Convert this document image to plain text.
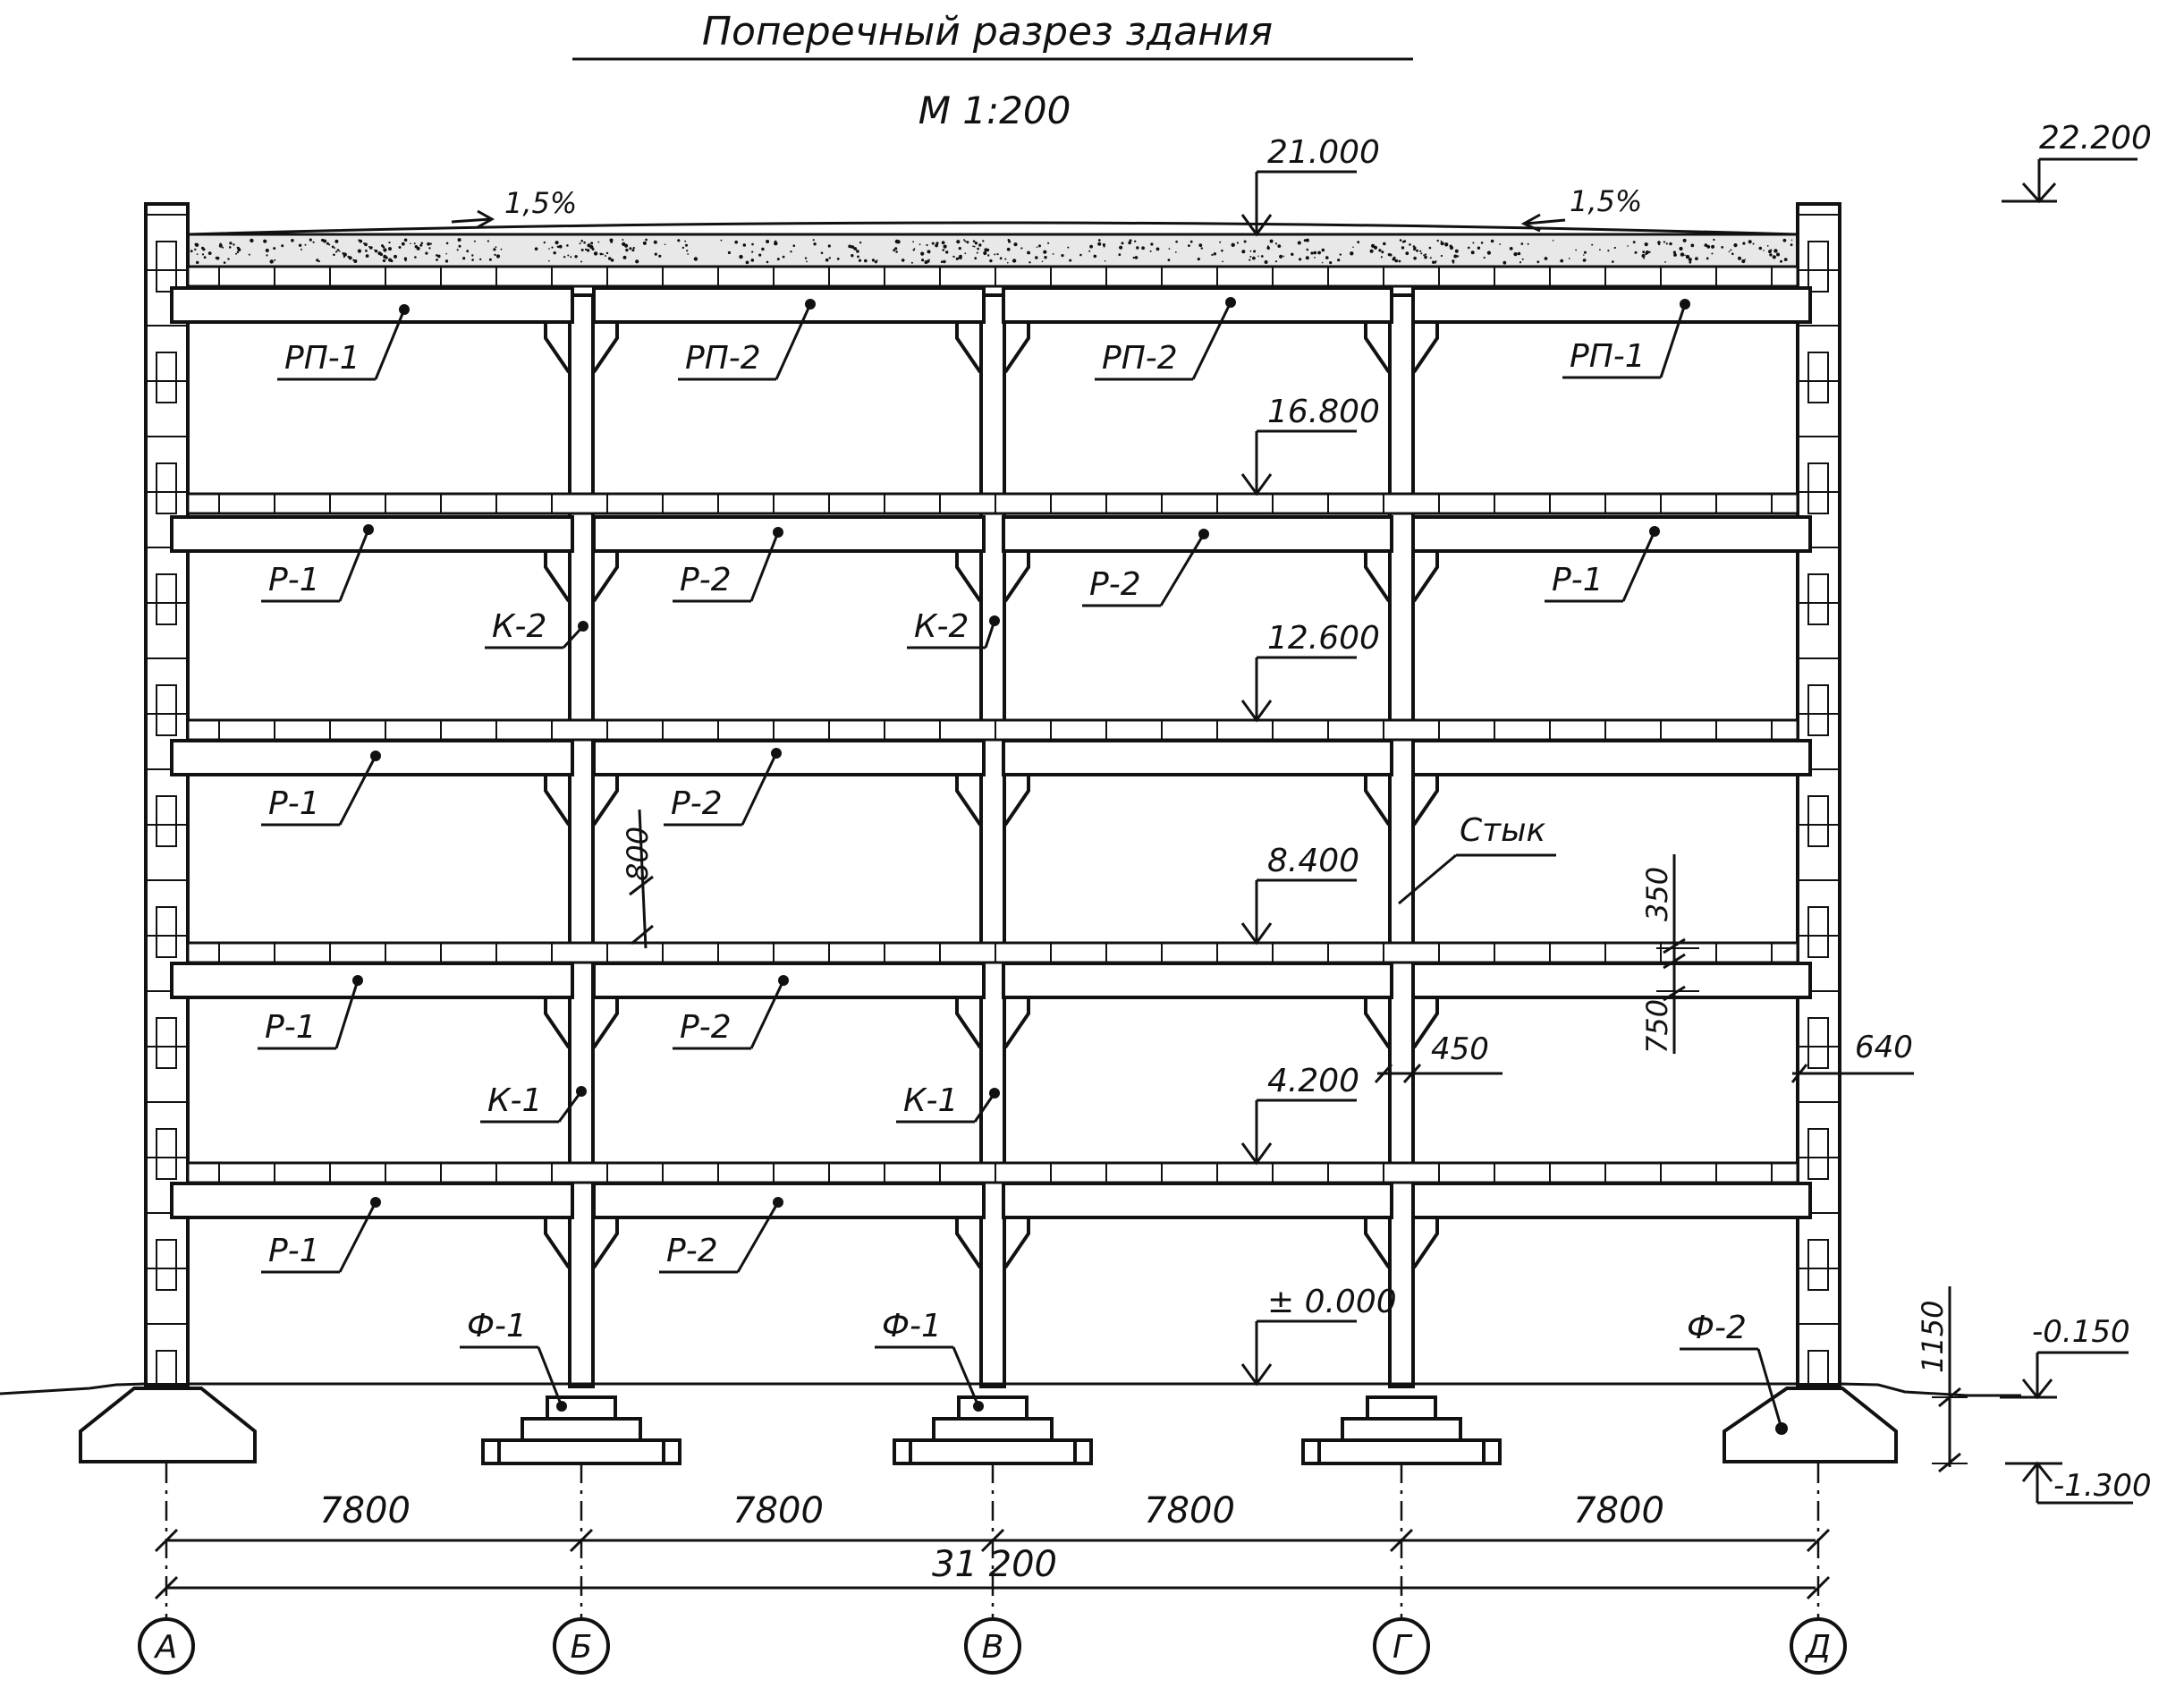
Поперечный разрез здания
М 1:200
22.200
1,5%	1,5%
21.000
16.800
12.600
8.400
4.200
± 0.000
РП-1	РП-2	РП-2	РП-1
Р-1	Р-2	Р-2	Р-1
Р-1	Р-2
Р-1	Р-2
Р-1	Р-2
К-2	К-2
К-1	К-1
Ф-1	Ф-1	Ф-2
Стык
800
350
750
450	640
1150	-0.150
-1.300
7800	7800	7800	7800
31 200
А	Б	В	Г	Д
